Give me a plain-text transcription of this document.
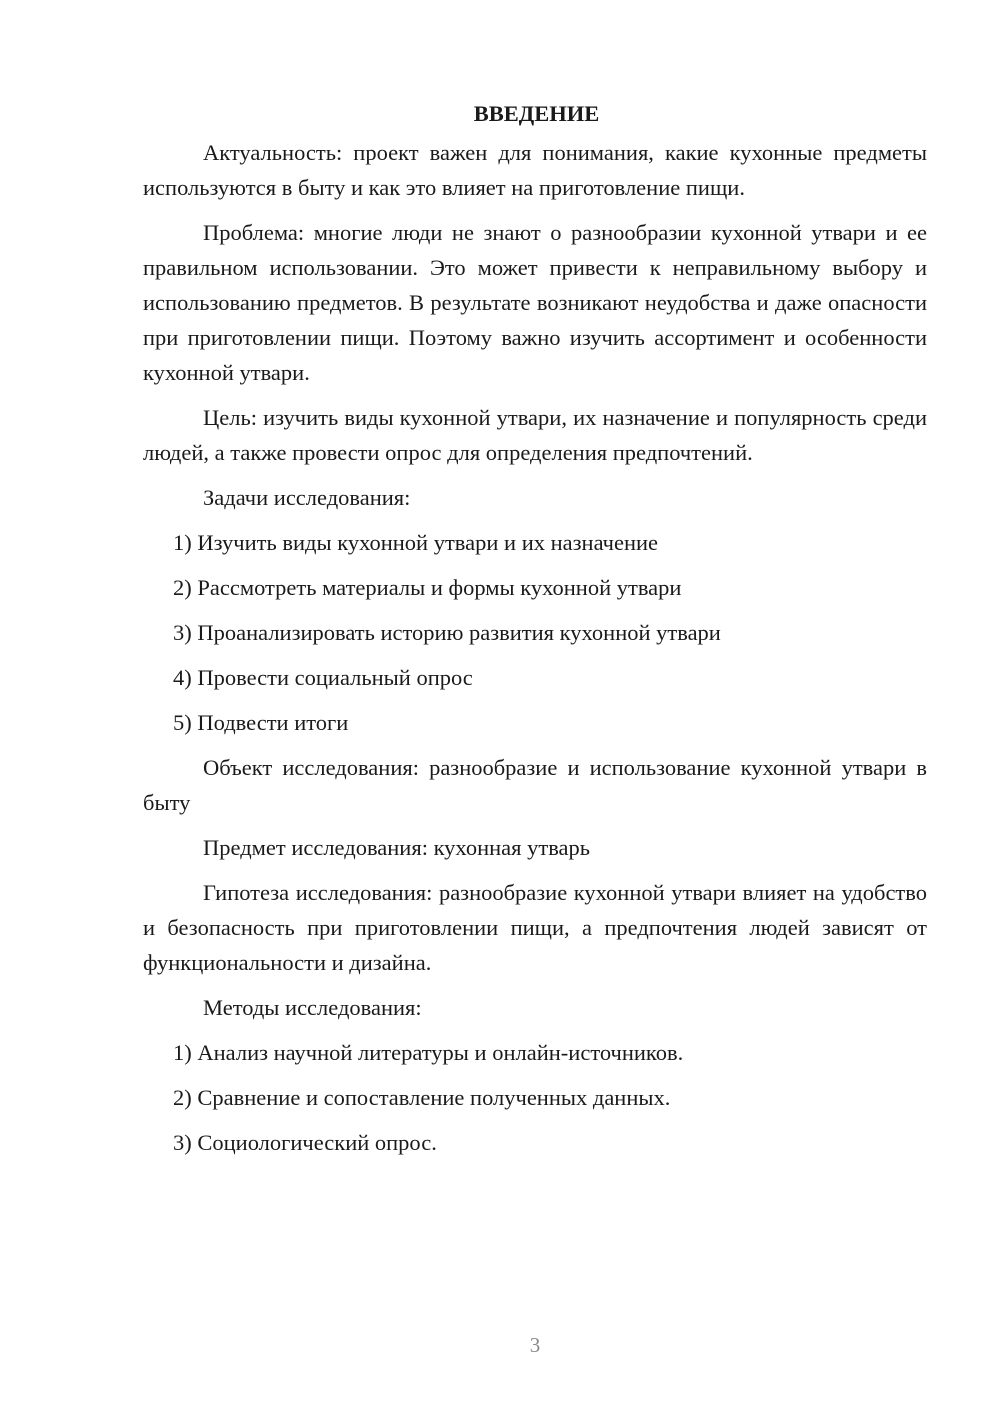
ВВЕДЕНИЕ
Актуальность: проект важен для понимания, какие кухонные предметы используются в быту и как это влияет на приготовление пищи.
Проблема: многие люди не знают о разнообразии кухонной утвари и ее правильном использовании. Это может привести к неправильному выбору и использованию предметов. В результате возникают неудобства и даже опасности при приготовлении пищи. Поэтому важно изучить ассортимент и особенности кухонной утвари.
Цель: изучить виды кухонной утвари, их назначение и популярность среди людей, а также провести опрос для определения предпочтений.
Задачи исследования:
1) Изучить виды кухонной утвари и их назначение
2) Рассмотреть материалы и формы кухонной утвари
3) Проанализировать историю развития кухонной утвари
4) Провести социальный опрос
5) Подвести итоги
Объект исследования: разнообразие и использование кухонной утвари в быту
Предмет исследования: кухонная утварь
Гипотеза исследования: разнообразие кухонной утвари влияет на удобство и безопасность при приготовлении пищи, а предпочтения людей зависят от функциональности и дизайна.
Методы исследования:
1) Анализ научной литературы и онлайн-источников.
2) Сравнение и сопоставление полученных данных.
3) Социологический опрос.
3
